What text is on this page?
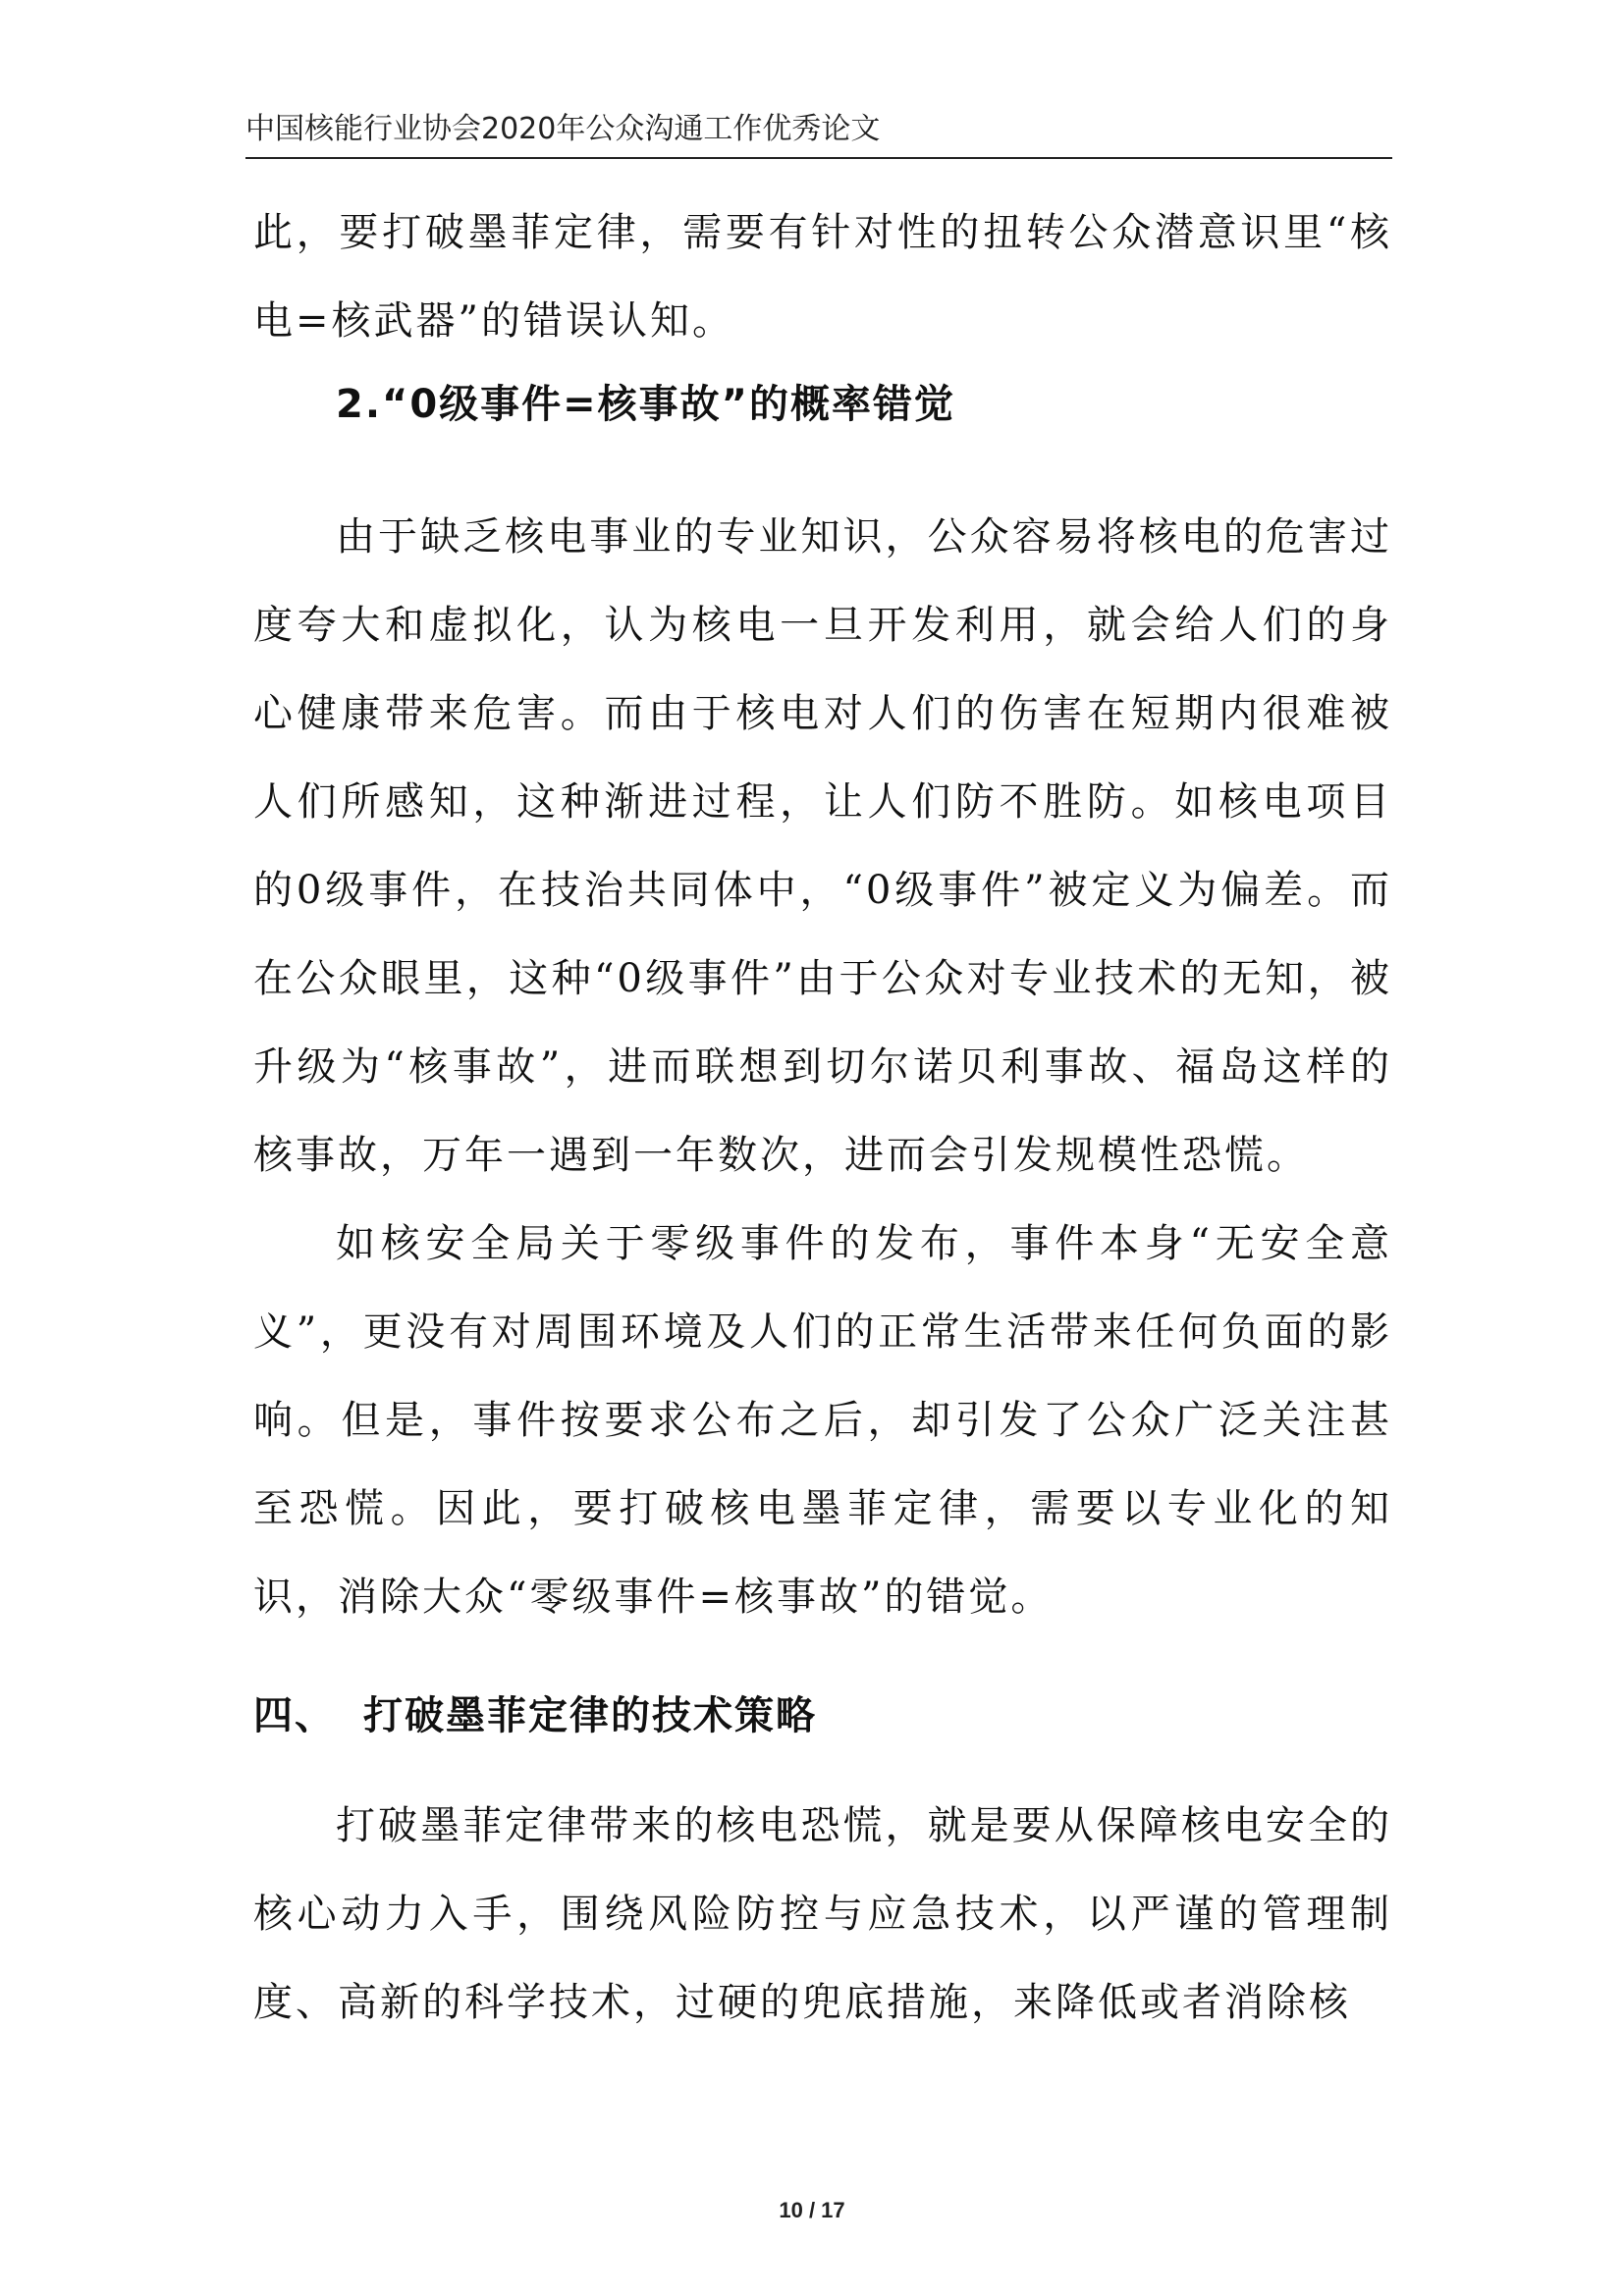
中国核能行业协会2020年公众沟通工作优秀论文

此，要打破墨菲定律，需要有针对性的扭转公众潜意识里“核电=核武器”的错误认知。

2.“0级事件=核事故”的概率错觉

由于缺乏核电事业的专业知识，公众容易将核电的危害过度夸大和虚拟化，认为核电一旦开发利用，就会给人们的身心健康带来危害。而由于核电对人们的伤害在短期内很难被人们所感知，这种渐进过程，让人们防不胜防。如核电项目的0级事件，在技治共同体中，“0级事件”被定义为偏差。而在公众眼里，这种“0级事件”由于公众对专业技术的无知，被升级为“核事故”，进而联想到切尔诺贝利事故、福岛这样的核事故，万年一遇到一年数次，进而会引发规模性恐慌。

如核安全局关于零级事件的发布，事件本身“无安全意义”，更没有对周围环境及人们的正常生活带来任何负面的影响。但是，事件按要求公布之后，却引发了公众广泛关注甚至恐慌。因此，要打破核电墨菲定律，需要以专业化的知识，消除大众“零级事件=核事故”的错觉。

四、 打破墨菲定律的技术策略

打破墨菲定律带来的核电恐慌，就是要从保障核电安全的核心动力入手，围绕风险防控与应急技术，以严谨的管理制度、高新的科学技术，过硬的兜底措施，来降低或者消除核

10 / 17
